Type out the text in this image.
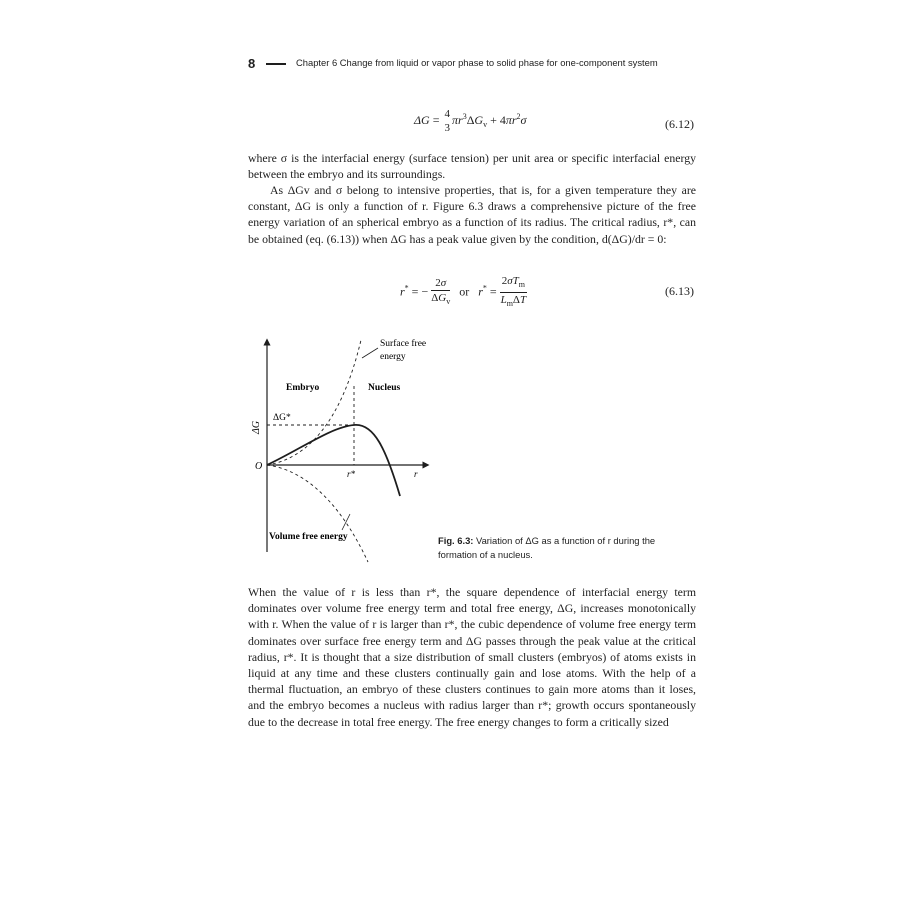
8	Chapter 6 Change from liquid or vapor phase to solid phase for one-component system
ΔG = 4
3
$\pi r^3\Delta G_v + 4\pi r^2\sigma$	(6.12)
where σ is the interfacial energy (surface tension) per unit area or specific interfacial energy between the embryo and its surroundings.
As ΔGv and σ belong to intensive properties, that is, for a given temperature they are constant, ΔG is only a function of r. Figure 6.3 draws a comprehensive picture of the free energy variation of an spherical embryo as a function of its radius. The critical radius, r*, can be obtained (eq. (6.13)) when ΔG has a peak value given by the condition, d(ΔG)/dr = 0:
r* = − $\frac{2\sigma}{\Delta G_v}$ or $r^* = \frac{2\sigma T_m}{L_m\Delta T}$	(6.13)
Surface free
energy
Embryo	Nucleus
ΔG*
ΔG
O
r*	r
Volume free energy	Fig. 6.3: Variation of ΔG as a function of r during the formation of a nucleus.
When the value of r is less than r*, the square dependence of interfacial energy term dominates over volume free energy term and total free energy, ΔG, increases monotonically with r. When the value of r is larger than r*, the cubic dependence of volume free energy term dominates over surface free energy term and ΔG passes through the peak value at the critical radius, r*. It is thought that a size distribution of small clusters (embryos) of atoms exists in liquid at any time and these clusters continually gain and lose atoms. With the help of a thermal fluctuation, an embryo of these clusters continues to gain more atoms than it loses, and the embryo becomes a nucleus with radius larger than r*; growth occurs spontaneously due to the decrease in total free energy. The free energy changes to form a critically sized
